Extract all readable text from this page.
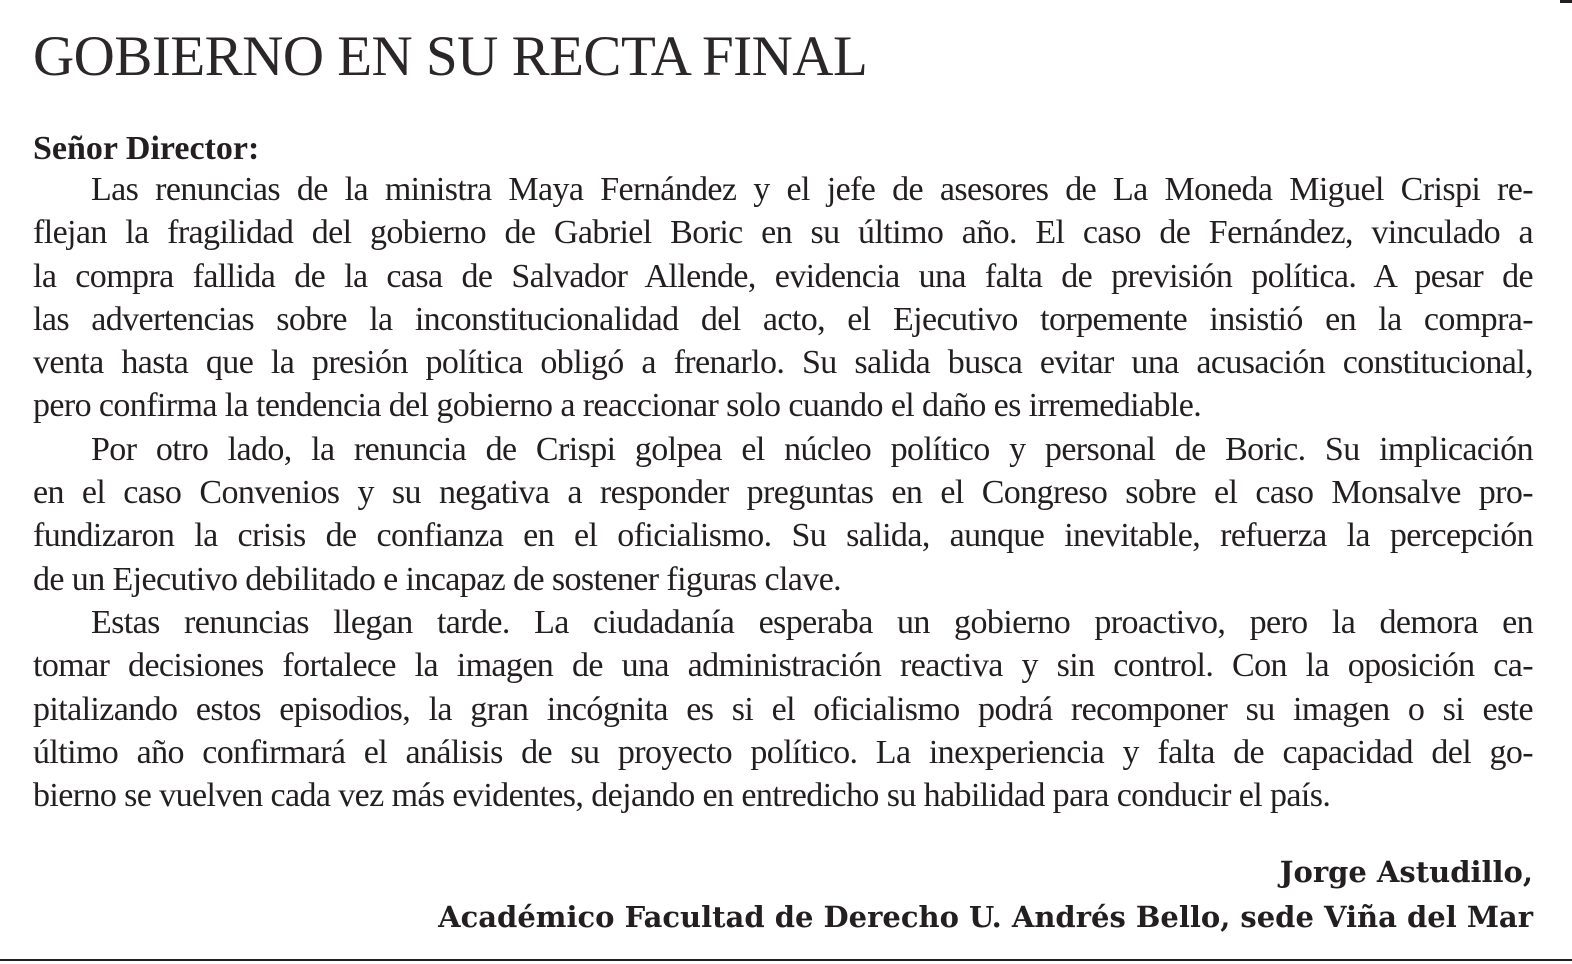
GOBIERNO EN SU RECTA FINAL

Señor Director:

Las renuncias de la ministra Maya Fernández y el jefe de asesores de La Moneda Miguel Crispi re-
flejan la fragilidad del gobierno de Gabriel Boric en su último año. El caso de Fernández, vinculado a
la compra fallida de la casa de Salvador Allende, evidencia una falta de previsión política. A pesar de
las advertencias sobre la inconstitucionalidad del acto, el Ejecutivo torpemente insistió en la compra-
venta hasta que la presión política obligó a frenarlo. Su salida busca evitar una acusación constitucional,
pero confirma la tendencia del gobierno a reaccionar solo cuando el daño es irremediable.
Por otro lado, la renuncia de Crispi golpea el núcleo político y personal de Boric. Su implicación
en el caso Convenios y su negativa a responder preguntas en el Congreso sobre el caso Monsalve pro-
fundizaron la crisis de confianza en el oficialismo. Su salida, aunque inevitable, refuerza la percepción
de un Ejecutivo debilitado e incapaz de sostener figuras clave.
Estas renuncias llegan tarde. La ciudadanía esperaba un gobierno proactivo, pero la demora en
tomar decisiones fortalece la imagen de una administración reactiva y sin control. Con la oposición ca-
pitalizando estos episodios, la gran incógnita es si el oficialismo podrá recomponer su imagen o si este
último año confirmará el análisis de su proyecto político. La inexperiencia y falta de capacidad del go-
bierno se vuelven cada vez más evidentes, dejando en entredicho su habilidad para conducir el país.
Jorge Astudillo,
Académico Facultad de Derecho U. Andrés Bello, sede Viña del Mar
